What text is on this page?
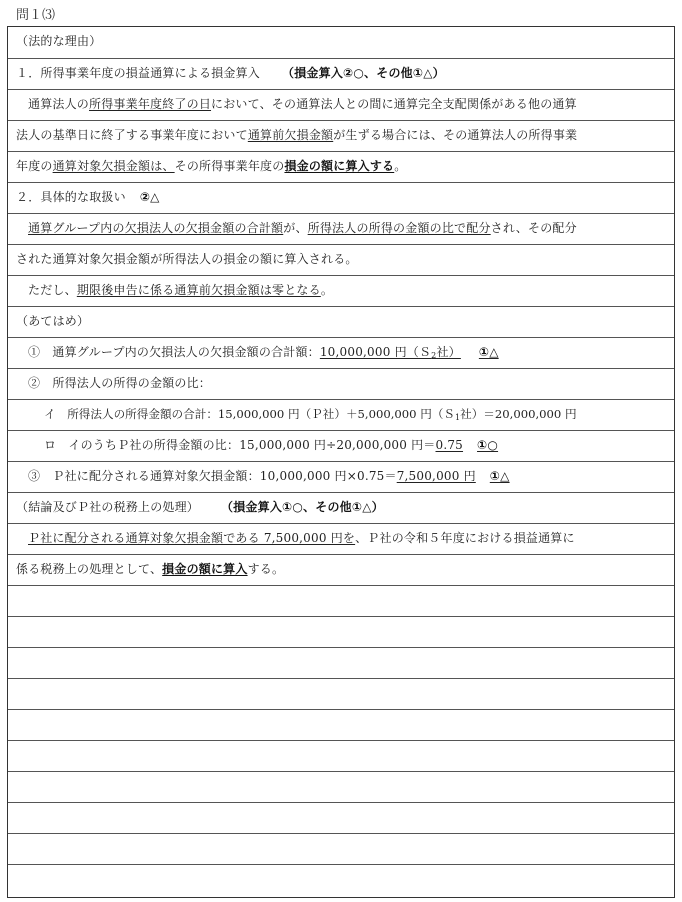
問１⑶
（法的な理由）
１．所得事業年度の損益通算による損金算入 （損金算入②○、その他①△）
通算法人の所得事業年度終了の日において、その通算法人との間に通算完全支配関係がある他の通算
法人の基準日に終了する事業年度において通算前欠損金額が生ずる場合には、その通算法人の所得事業
年度の通算対象欠損金額は、その所得事業年度の損金の額に算入する。
２．具体的な取扱い ②△
通算グループ内の欠損法人の欠損金額の合計額が、所得法人の所得の金額の比で配分され、その配分
された通算対象欠損金額が所得法人の損金の額に算入される。
ただし、期限後申告に係る通算前欠損金額は零となる。
（あてはめ）
①　通算グループ内の欠損法人の欠損金額の合計額：10,000,000 円（Ｓ$_2$社） ①△
②　所得法人の所得の金額の比：
イ　所得法人の所得金額の合計：15,000,000 円（Ｐ社）＋5,000,000 円（Ｓ$_1$社）＝20,000,000 円
ロ　イのうちＰ社の所得金額の比：15,000,000 円÷20,000,000 円＝0.75 ①○
③　Ｐ社に配分される通算対象欠損金額：10,000,000 円×0.75＝7,500,000 円 ①△
（結論及びＰ社の税務上の処理） （損金算入①○、その他①△）
Ｐ社に配分される通算対象欠損金額である 7,500,000 円を、Ｐ社の令和５年度における損益通算に
係る税務上の処理として、損金の額に算入する。
